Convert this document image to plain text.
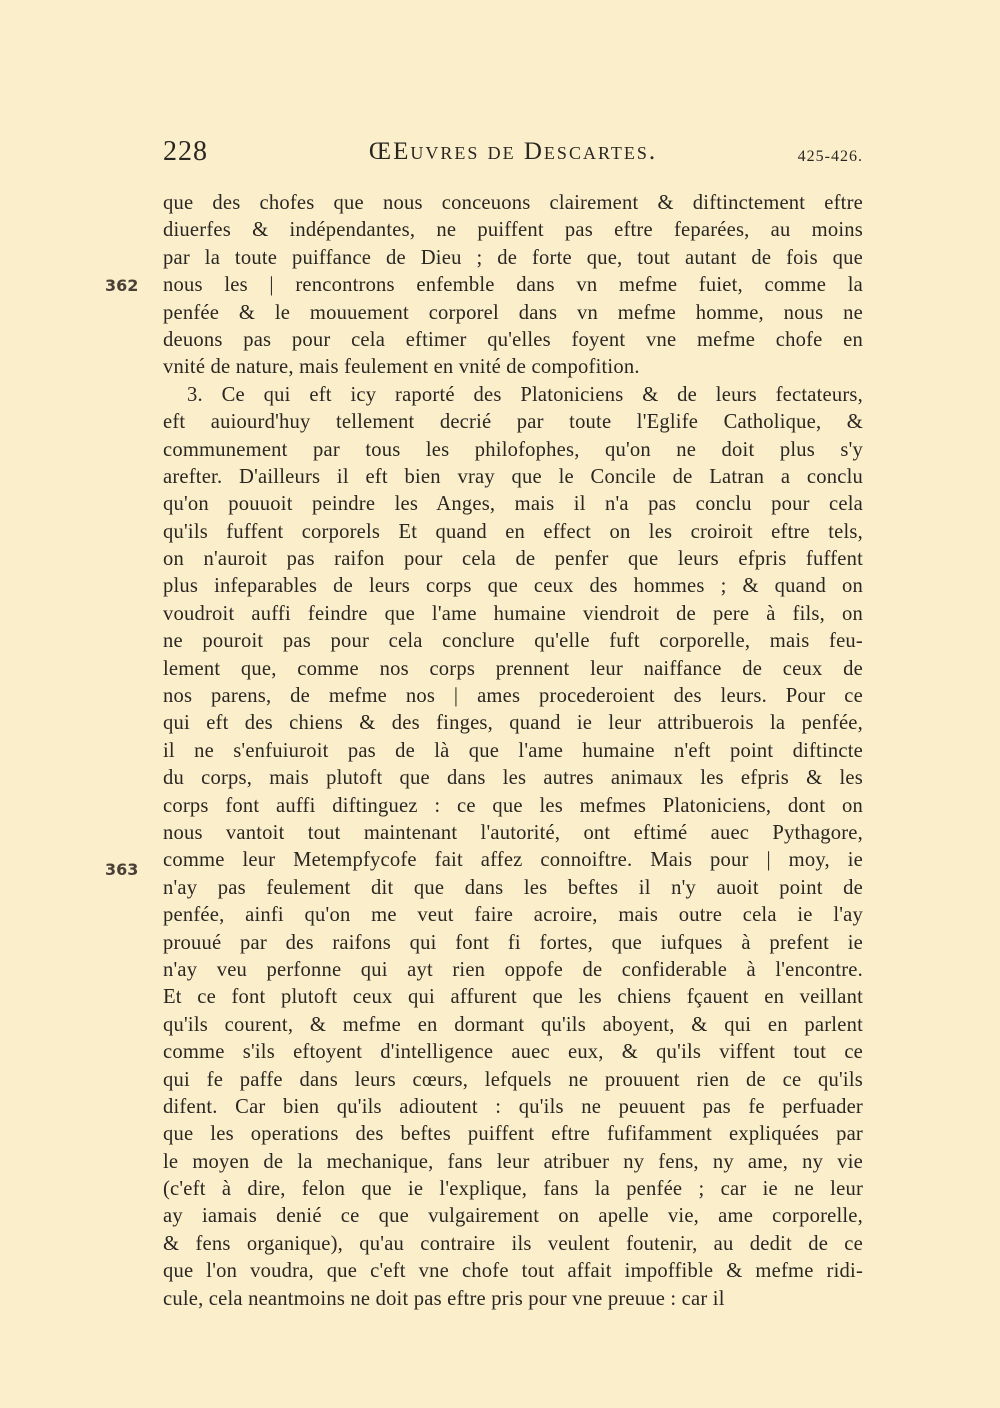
228	ŒEuvres de Descartes.	425-426.
362
363
que des chofes que nous conceuons clairement & diftinctement eftre
diuerfes & indépendantes, ne puiffent pas eftre feparées, au moins
par la toute puiffance de Dieu ; de forte que, tout autant de fois que
nous les | rencontrons enfemble dans vn mefme fuiet, comme la
penfée & le mouuement corporel dans vn mefme homme, nous ne
deuons pas pour cela eftimer qu'elles foyent vne mefme chofe en
vnité de nature, mais feulement en vnité de compofition.
3. Ce qui eft icy raporté des Platoniciens & de leurs fectateurs,
eft auiourd'huy tellement decrié par toute l'Eglife Catholique, &
communement par tous les philofophes, qu'on ne doit plus s'y
arefter. D'ailleurs il eft bien vray que le Concile de Latran a conclu
qu'on pouuoit peindre les Anges, mais il n'a pas conclu pour cela
qu'ils fuffent corporels Et quand en effect on les croiroit eftre tels,
on n'auroit pas raifon pour cela de penfer que leurs efpris fuffent
plus infeparables de leurs corps que ceux des hommes ; & quand on
voudroit auffi feindre que l'ame humaine viendroit de pere à fils, on
ne pouroit pas pour cela conclure qu'elle fuft corporelle, mais feu-
lement que, comme nos corps prennent leur naiffance de ceux de
nos parens, de mefme nos | ames procederoient des leurs. Pour ce
qui eft des chiens & des finges, quand ie leur attribuerois la penfée,
il ne s'enfuiuroit pas de là que l'ame humaine n'eft point diftincte
du corps, mais plutoft que dans les autres animaux les efpris & les
corps font auffi diftinguez : ce que les mefmes Platoniciens, dont on
nous vantoit tout maintenant l'autorité, ont eftimé auec Pythagore,
comme leur Metempfycofe fait affez connoiftre. Mais pour | moy, ie
n'ay pas feulement dit que dans les beftes il n'y auoit point de
penfée, ainfi qu'on me veut faire acroire, mais outre cela ie l'ay
prouué par des raifons qui font fi fortes, que iufques à prefent ie
n'ay veu perfonne qui ayt rien oppofe de confiderable à l'encontre.
Et ce font plutoft ceux qui affurent que les chiens fçauent en veillant
qu'ils courent, & mefme en dormant qu'ils aboyent, & qui en parlent
comme s'ils eftoyent d'intelligence auec eux, & qu'ils viffent tout ce
qui fe paffe dans leurs cœurs, lefquels ne prouuent rien de ce qu'ils
difent. Car bien qu'ils adioutent : qu'ils ne peuuent pas fe perfuader
que les operations des beftes puiffent eftre fufifamment expliquées par
le moyen de la mechanique, fans leur atribuer ny fens, ny ame, ny vie
(c'eft à dire, felon que ie l'explique, fans la penfée ; car ie ne leur
ay iamais denié ce que vulgairement on apelle vie, ame corporelle,
& fens organique), qu'au contraire ils veulent foutenir, au dedit de ce
que l'on voudra, que c'eft vne chofe tout affait impoffible & mefme ridi-
cule, cela neantmoins ne doit pas eftre pris pour vne preuue : car il
